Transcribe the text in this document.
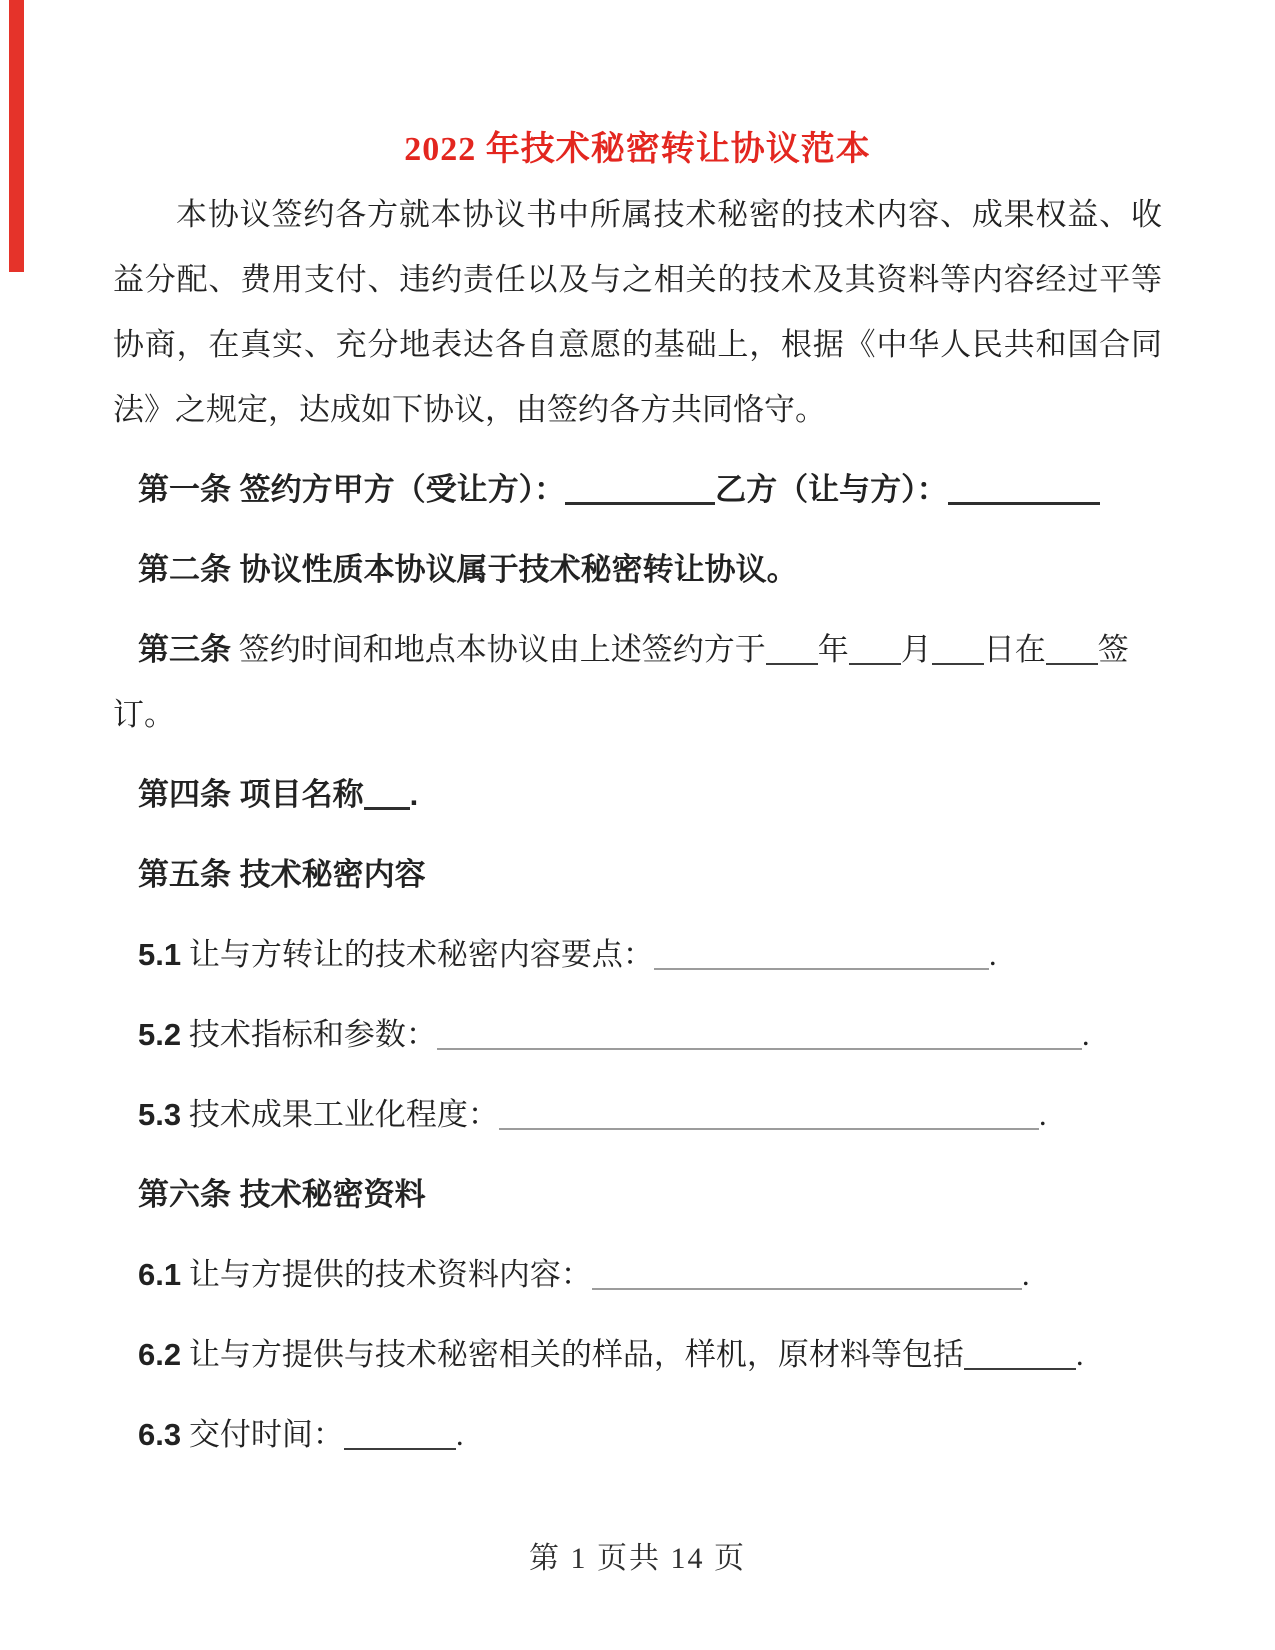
2022 年技术秘密转让协议范本

本协议签约各方就本协议书中所属技术秘密的技术内容、成果权益、收益分配、费用支付、违约责任以及与之相关的技术及其资料等内容经过平等协商，在真实、充分地表达各自意愿的基础上，根据《中华人民共和国合同法》之规定，达成如下协议，由签约各方共同恪守。

第一条 签约方甲方（受让方）：	乙方（让与方）：

第二条 协议性质本协议属于技术秘密转让协议。

第三条 签约时间和地点本协议由上述签约方于 年 月 日在 签订。

第四条 项目名称 .

第五条 技术秘密内容

5.1 让与方转让的技术秘密内容要点：	.

5.2 技术指标和参数：	.

5.3 技术成果工业化程度：	.

第六条 技术秘密资料

6.1 让与方提供的技术资料内容：	.

6.2 让与方提供与技术秘密相关的样品，样机，原材料等包括	.

6.3 交付时间：	.

第 1 页共 14 页
